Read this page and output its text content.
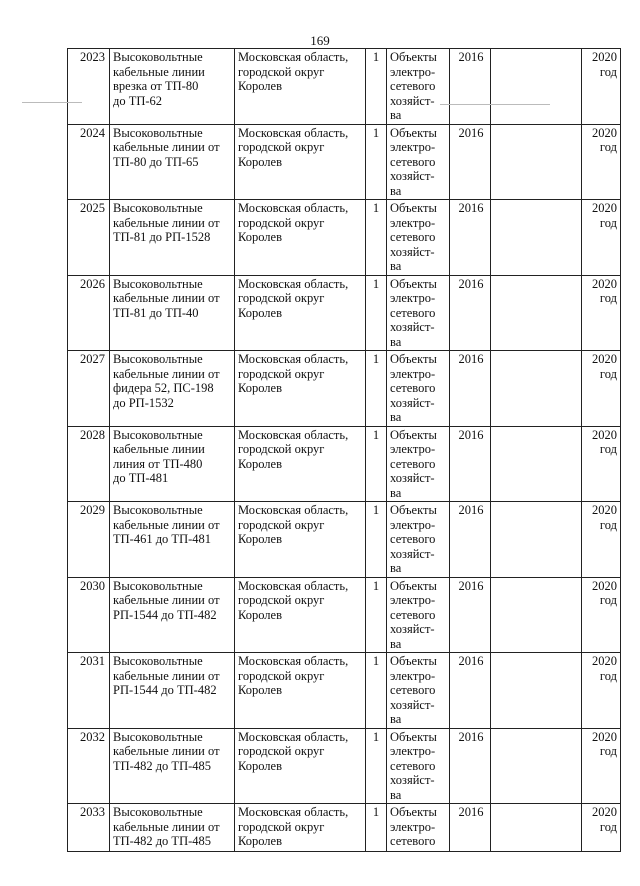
169
2023	Высоковольтные
кабельные линии
врезка от ТП-80
до ТП-62	Московская область,
городской округ
Королев	1	Объекты
электро-
сетевого
хозяйст-
ва	2016		2020
год

2024	Высоковольтные
кабельные линии от
ТП-80 до ТП-65	Московская область,
городской округ
Королев	1	Объекты
электро-
сетевого
хозяйст-
ва	2016		2020
год

2025	Высоковольтные
кабельные линии от
ТП-81 до РП-1528	Московская область,
городской округ
Королев	1	Объекты
электро-
сетевого
хозяйст-
ва	2016		2020
год

2026	Высоковольтные
кабельные линии от
ТП-81 до ТП-40	Московская область,
городской округ
Королев	1	Объекты
электро-
сетевого
хозяйст-
ва	2016		2020
год

2027	Высоковольтные
кабельные линии от
фидера 52, ПС-198
до РП-1532	Московская область,
городской округ
Королев	1	Объекты
электро-
сетевого
хозяйст-
ва	2016		2020
год

2028	Высоковольтные
кабельные линии
линия от ТП-480
до ТП-481	Московская область,
городской округ
Королев	1	Объекты
электро-
сетевого
хозяйст-
ва	2016		2020
год

2029	Высоковольтные
кабельные линии от
ТП-461 до ТП-481	Московская область,
городской округ
Королев	1	Объекты
электро-
сетевого
хозяйст-
ва	2016		2020
год

2030	Высоковольтные
кабельные линии от
РП-1544 до ТП-482	Московская область,
городской округ
Королев	1	Объекты
электро-
сетевого
хозяйст-
ва	2016		2020
год

2031	Высоковольтные
кабельные линии от
РП-1544 до ТП-482	Московская область,
городской округ
Королев	1	Объекты
электро-
сетевого
хозяйст-
ва	2016		2020
год

2032	Высоковольтные
кабельные линии от
ТП-482 до ТП-485	Московская область,
городской округ
Королев	1	Объекты
электро-
сетевого
хозяйст-
ва	2016		2020
год

2033	Высоковольтные
кабельные линии от
ТП-482 до ТП-485	Московская область,
городской округ
Королев	1	Объекты
электро-
сетевого	2016		2020
год
